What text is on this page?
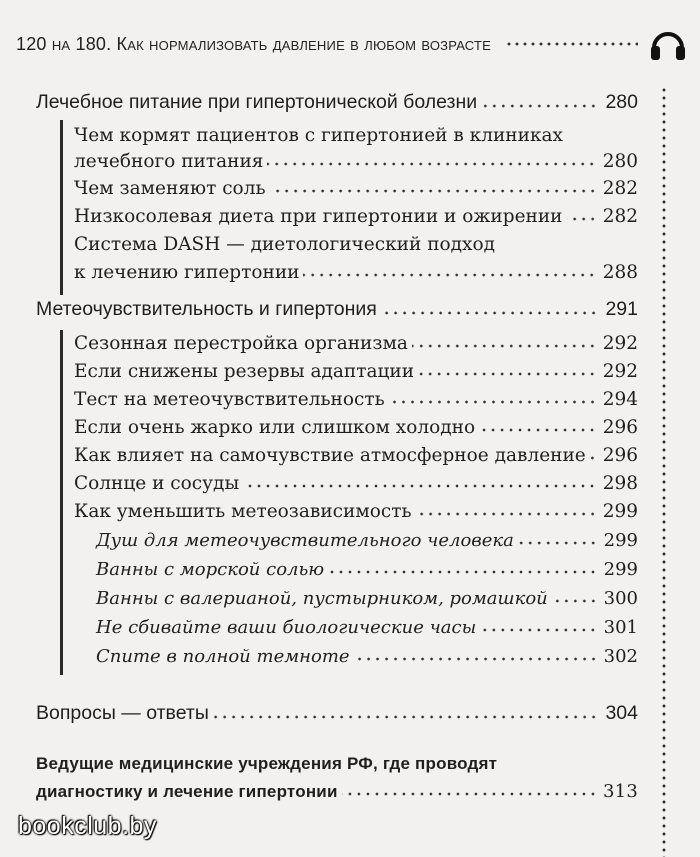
120 на 180. Как нормализовать давление в любом возрасте
Лечебное питание при гипертонической болезни	280
Чем кормят пациентов с гипертонией в клиниках
лечебного питания	280
Чем заменяют соль	282
Низкосолевая диета при гипертонии и ожирении 282
Система DASH — диетологический подход
к лечению гипертонии	288
Метеочувствительность и гипертония	291
Сезонная перестройка организма	292
Если снижены резервы адаптации	292
Тест на метеочувствительность	294
Если очень жарко или слишком холодно	296
Как влияет на самочувствие атмосферное давление 296
Солнце и сосуды	298
Как уменьшить метеозависимость	299
Душ для метеочувствительного человека	299
Ванны с морской солью	299
Ванны с валерианой, пустырником, ромашкой	300
Не сбивайте ваши биологические часы	301
Спите в полной темноте	302
Вопросы — ответы	304
Ведущие медицинские учреждения РФ, где проводят
диагностику и лечение гипертонии	313
bookclub.by
